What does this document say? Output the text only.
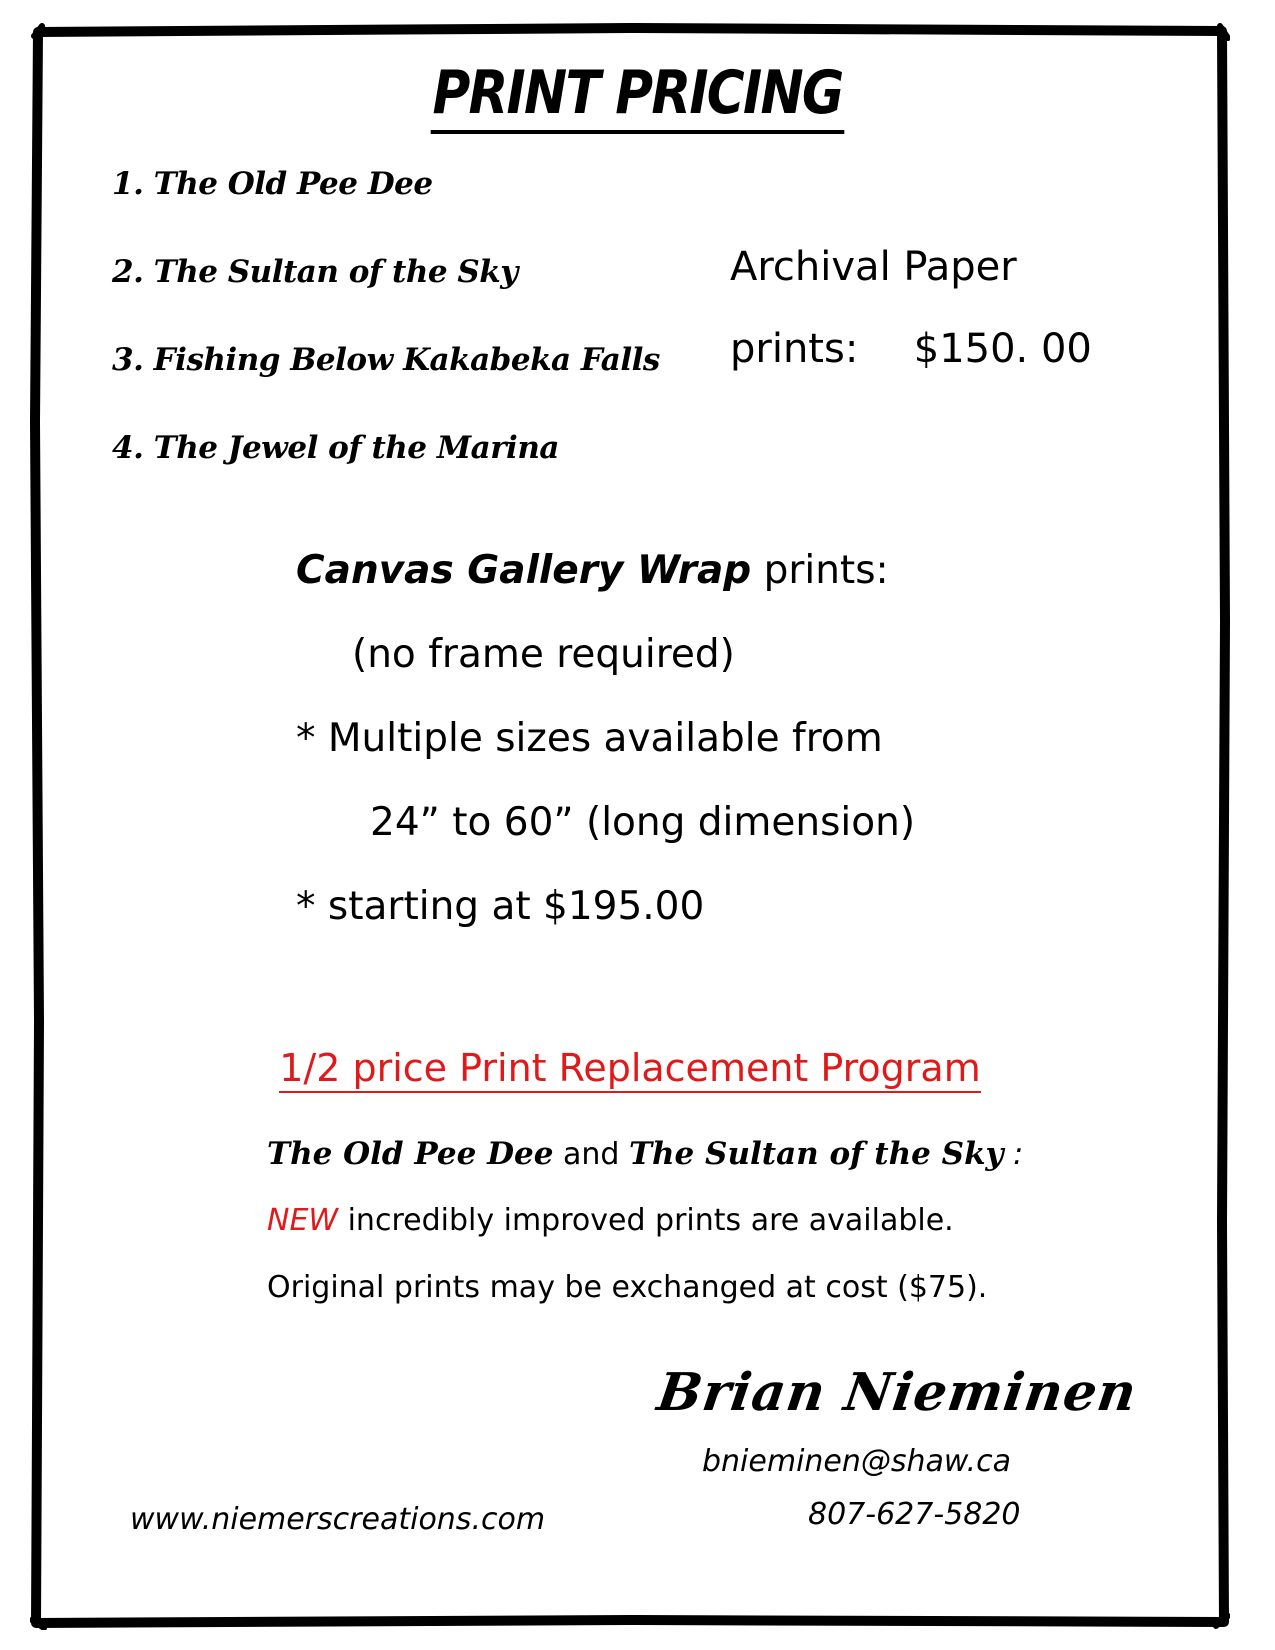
PRINT PRICING
1. The Old Pee Dee
2. The Sultan of the Sky
3. Fishing Below Kakabeka Falls
4. The Jewel of the Marina
Archival Paper
prints: $150. 00
Canvas Gallery Wrap prints:
(no frame required)
* Multiple sizes available from
24” to 60” (long dimension)
* starting at $195.00
1/2 price Print Replacement Program
The Old Pee Dee and The Sultan of the Sky :
NEW incredibly improved prints are available.
Original prints may be exchanged at cost ($75).
Brian Nieminen
bnieminen@shaw.ca
807-627-5820
www.niemerscreations.com
